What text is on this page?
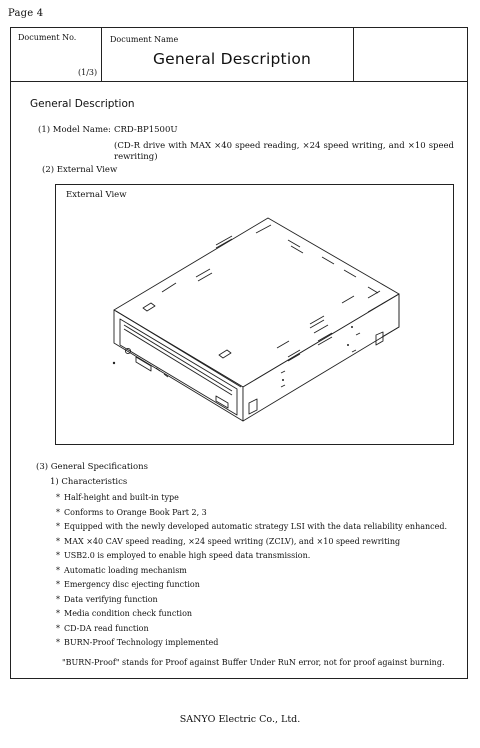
Page 4
Document No.
(1/3)
Document Name
General Description
General Description
(1) Model Name: CRD-BP1500U
(CD-R drive with MAX ×40 speed reading, ×24 speed writing, and ×10 speed rewriting)
(2) External View
External View
(3) General Specifications
1) Characteristics
* Half-height and built-in type
* Conforms to Orange Book Part 2, 3
* Equipped with the newly developed automatic strategy LSI with the data reliability enhanced.
* MAX ×40 CAV speed reading, ×24 speed writing (ZCLV), and ×10 speed rewriting
* USB2.0 is employed to enable high speed data transmission.
* Automatic loading mechanism
* Emergency disc ejecting function
* Data verifying function
* Media condition check function
* CD-DA read function
* BURN-Proof Technology implemented
"BURN-Proof" stands for Proof against Buffer Under RuN error, not for proof against burning.
SANYO Electric Co., Ltd.
